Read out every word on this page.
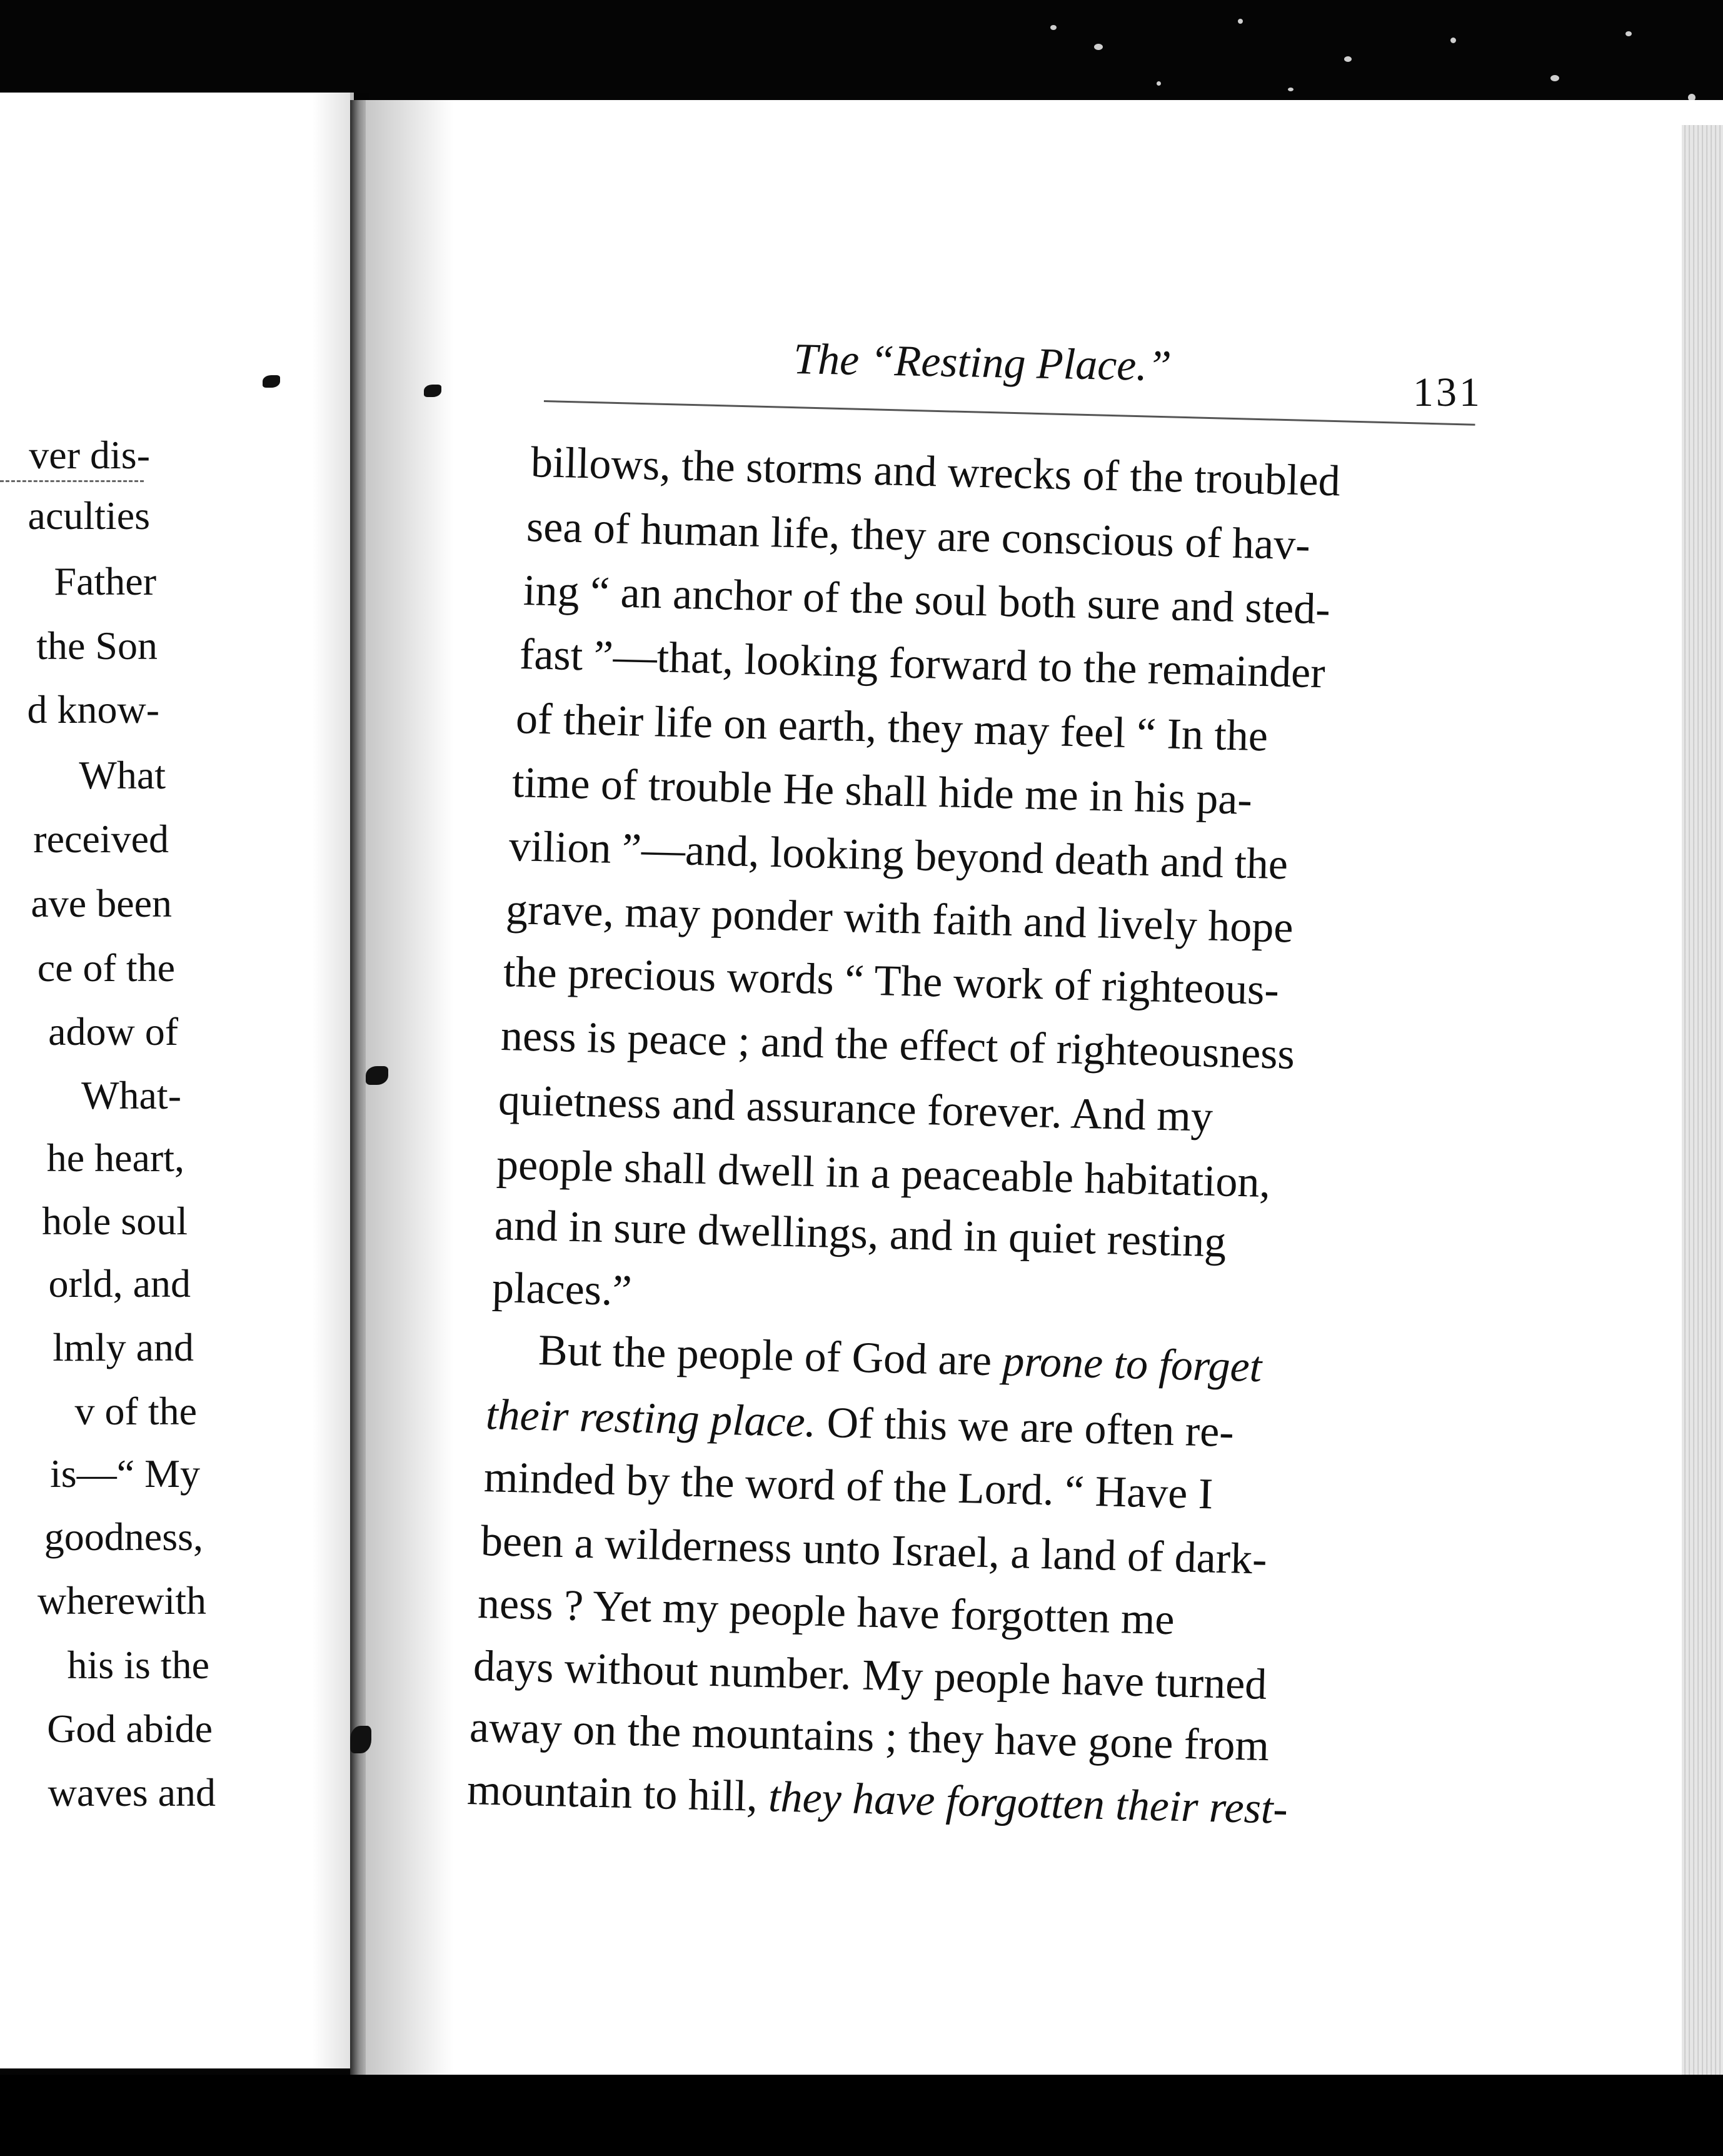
ver dis-
aculties
Father
the Son
d know-
What
received
ave been
ce of the
adow of
What-
he heart,
hole soul
orld, and
lmly and
v of the
is—“ My
goodness,
wherewith
his is the
God abide
waves and
The “Resting Place.”
131
billows, the storms and wrecks of the troubled
sea of human life, they are conscious of hav-
ing “ an anchor of the soul both sure and sted-
fast ”—that, looking forward to the remainder
of their life on earth, they may feel “ In the
time of trouble He shall hide me in his pa-
vilion ”—and, looking beyond death and the
grave, may ponder with faith and lively hope
the precious words “ The work of righteous-
ness is peace ; and the effect of righteousness
quietness and assurance forever. And my
people shall dwell in a peaceable habitation,
and in sure dwellings, and in quiet resting
places.”
But the people of God are prone to forget
their resting place. Of this we are often re-
minded by the word of the Lord. “ Have I
been a wilderness unto Israel, a land of dark-
ness ? Yet my people have forgotten me
days without number. My people have turned
away on the mountains ; they have gone from
mountain to hill, they have forgotten their rest-
